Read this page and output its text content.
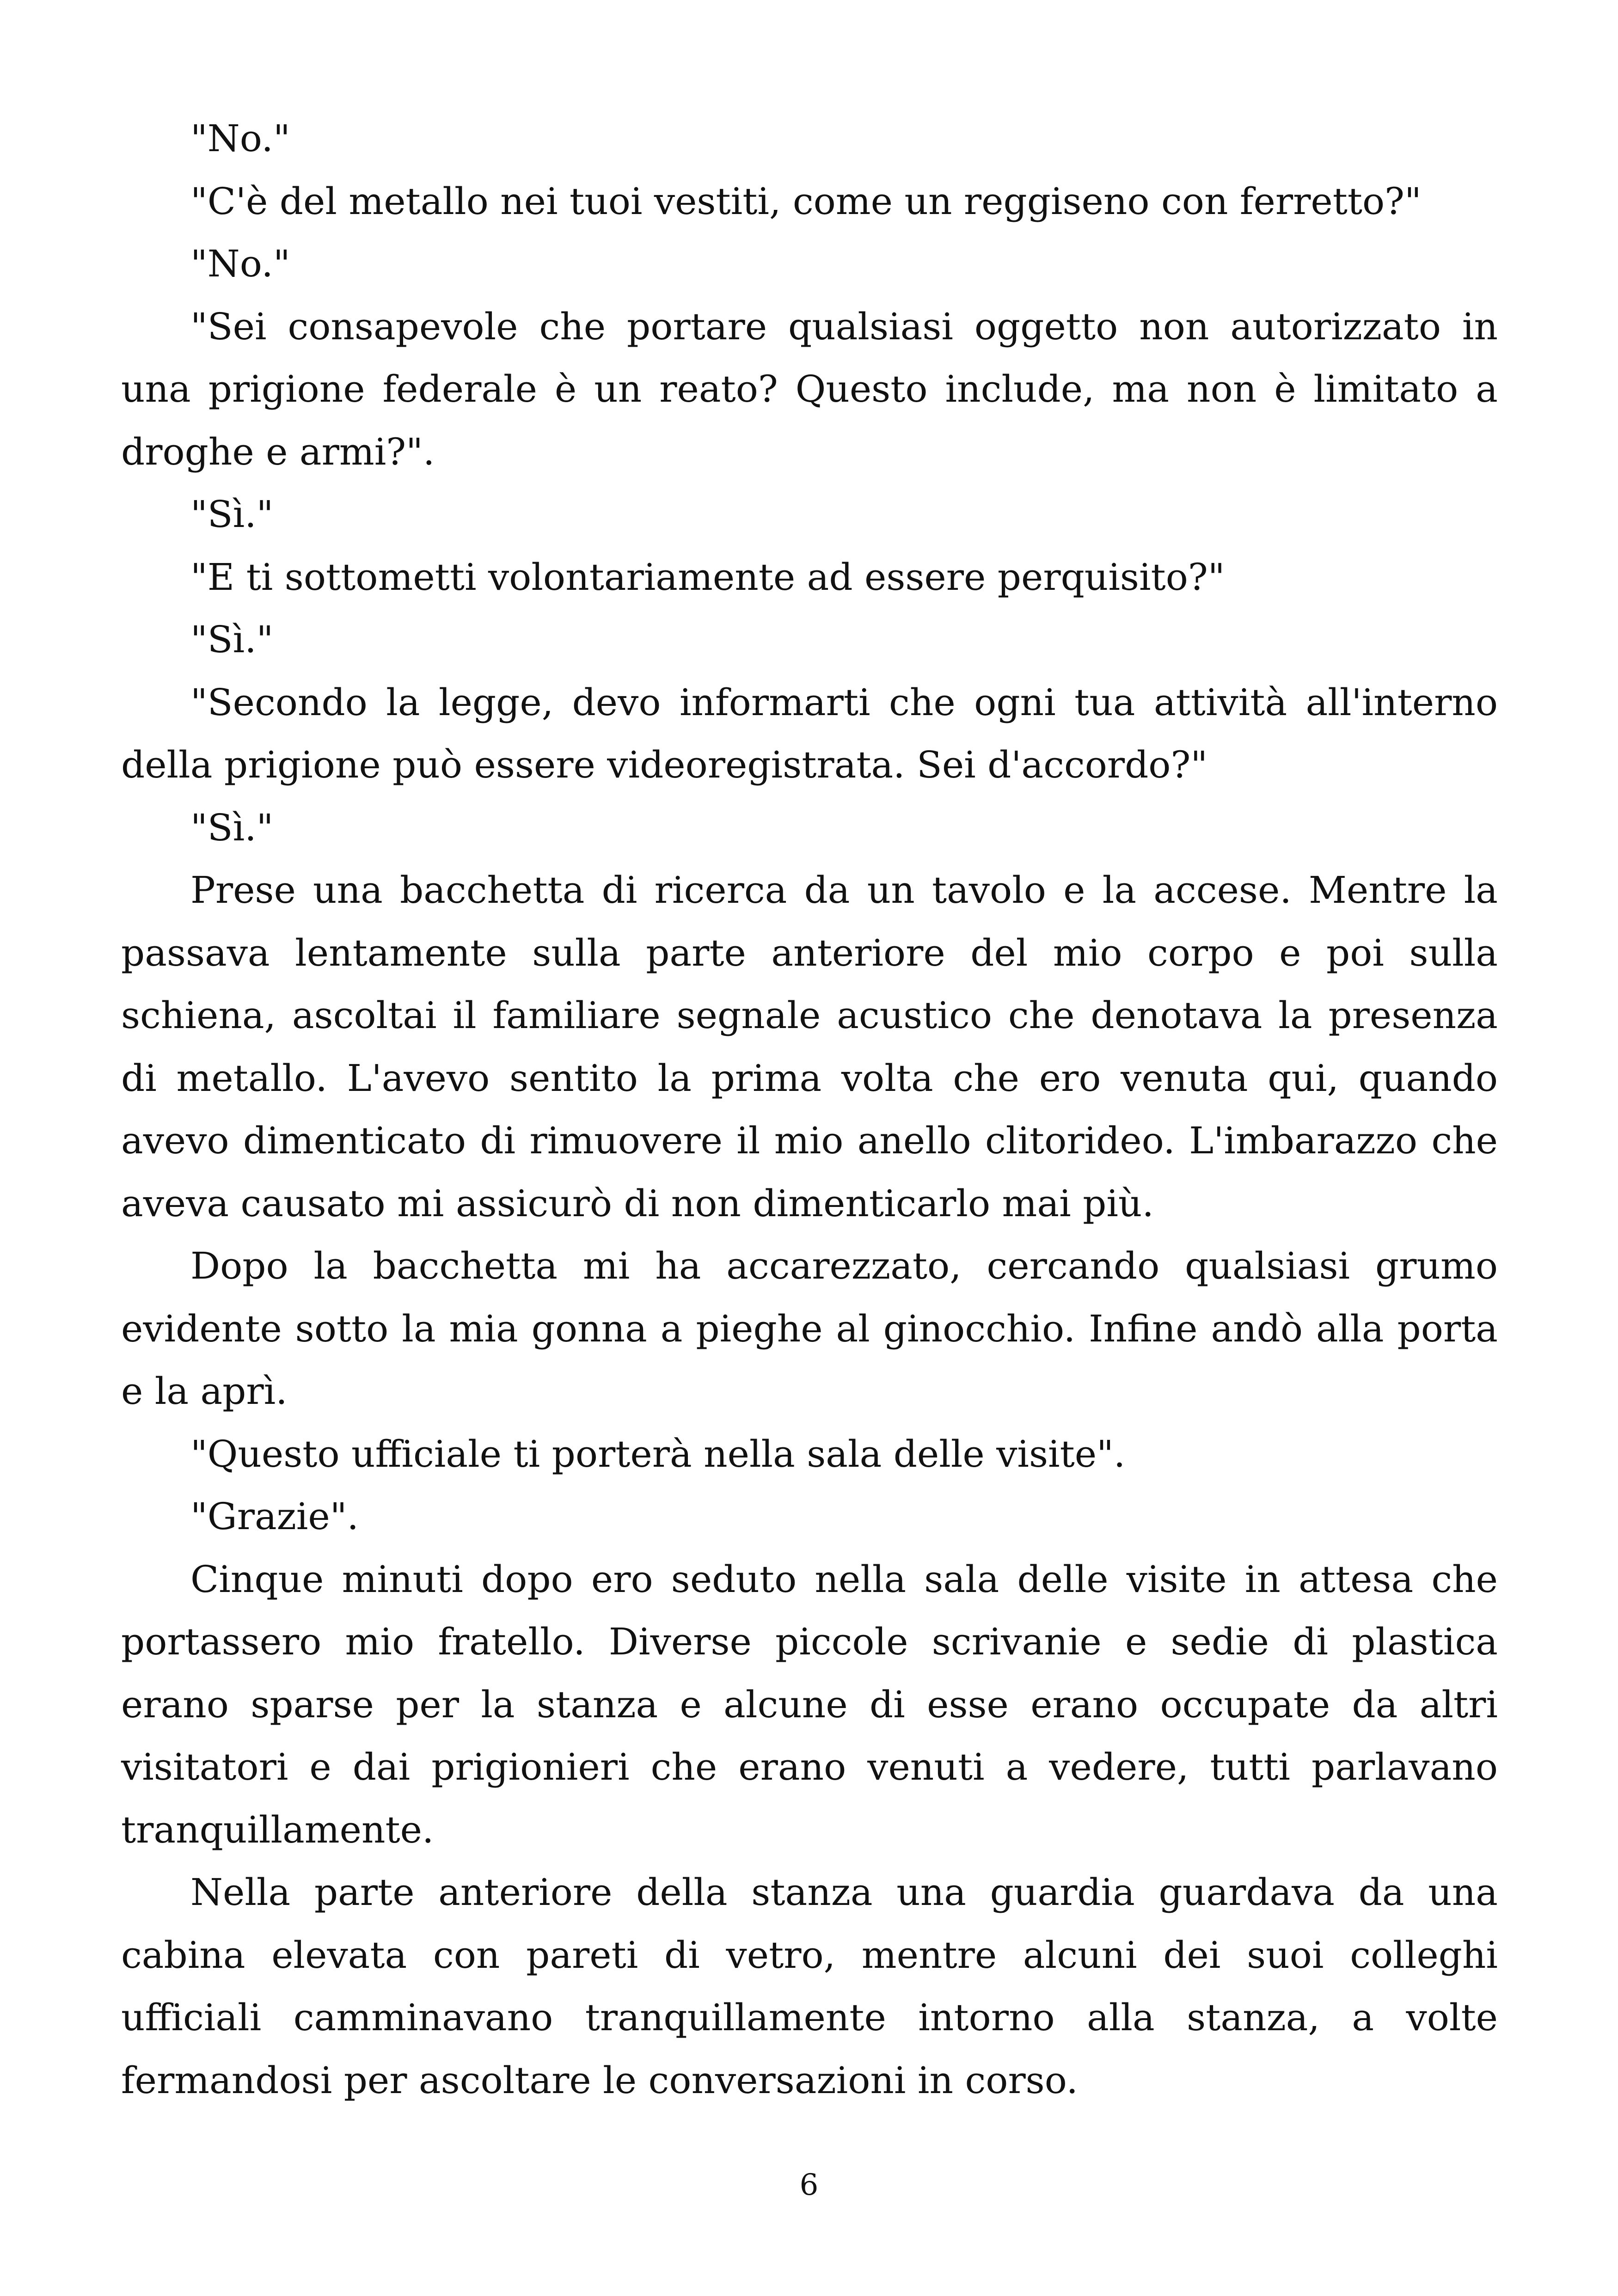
"No."

"C'è del metallo nei tuoi vestiti, come un reggiseno con ferretto?"

"No."

"Sei consapevole che portare qualsiasi oggetto non autorizzato in una prigione federale è un reato? Questo include, ma non è limitato a droghe e armi?".

"Sì."

"E ti sottometti volontariamente ad essere perquisito?"

"Sì."

"Secondo la legge, devo informarti che ogni tua attività all'interno della prigione può essere videoregistrata. Sei d'accordo?"

"Sì."

Prese una bacchetta di ricerca da un tavolo e la accese. Mentre la passava lentamente sulla parte anteriore del mio corpo e poi sulla schiena, ascoltai il familiare segnale acustico che denotava la presenza di metallo. L'avevo sentito la prima volta che ero venuta qui, quando avevo dimenticato di rimuovere il mio anello clitorideo. L'imbarazzo che aveva causato mi assicurò di non dimenticarlo mai più.

Dopo la bacchetta mi ha accarezzato, cercando qualsiasi grumo evidente sotto la mia gonna a pieghe al ginocchio. Infine andò alla porta e la aprì.

"Questo ufficiale ti porterà nella sala delle visite".

"Grazie".

Cinque minuti dopo ero seduto nella sala delle visite in attesa che portassero mio fratello. Diverse piccole scrivanie e sedie di plastica erano sparse per la stanza e alcune di esse erano occupate da altri visitatori e dai prigionieri che erano venuti a vedere, tutti parlavano tranquillamente.

Nella parte anteriore della stanza una guardia guardava da una cabina elevata con pareti di vetro, mentre alcuni dei suoi colleghi ufficiali camminavano tranquillamente intorno alla stanza, a volte fermandosi per ascoltare le conversazioni in corso.

6
